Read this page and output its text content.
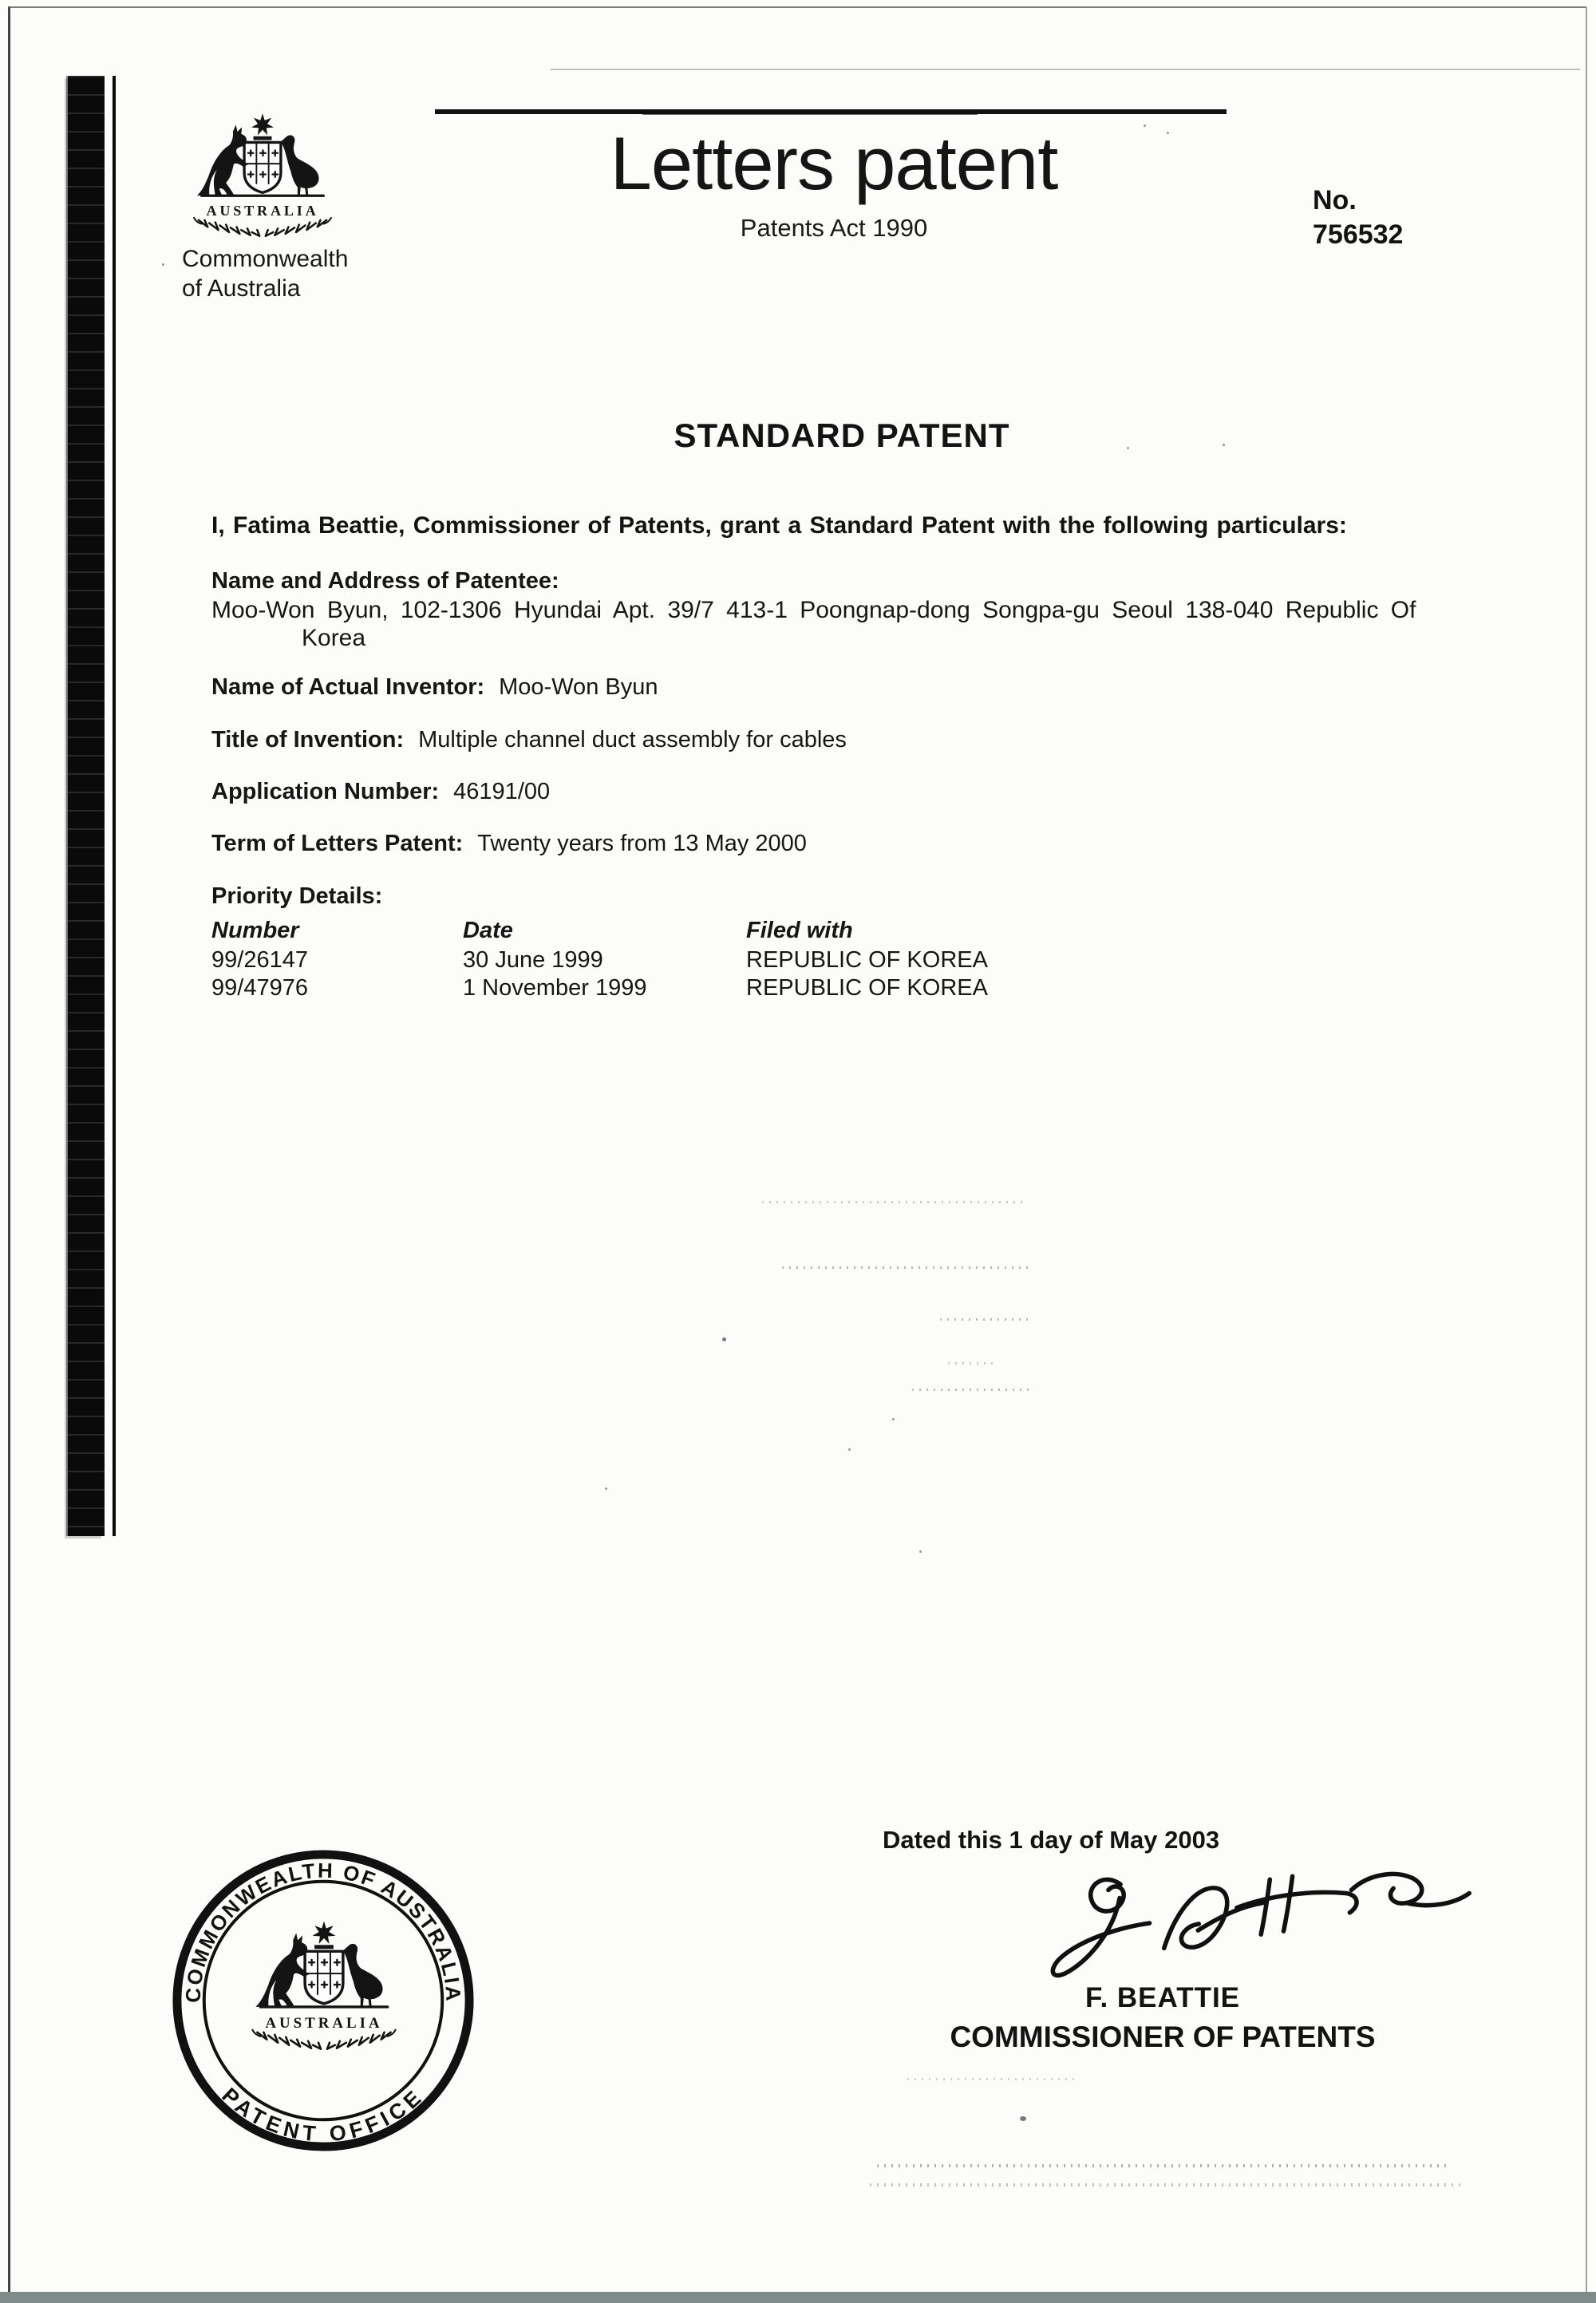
Commonwealth
of Australia
Letters patent
Patents Act 1990
No.
756532
STANDARD PATENT
I, Fatima Beattie, Commissioner of Patents, grant a Standard Patent with the following particulars:
Name and Address of Patentee:
Moo-Won Byun, 102-1306 Hyundai Apt. 39/7 413-1 Poongnap-dong Songpa-gu Seoul 138-040 Republic Of
Korea
Name of Actual Inventor: Moo-Won Byun
Title of Invention: Multiple channel duct assembly for cables
Application Number: 46191/00
Term of Letters Patent: Twenty years from 13 May 2000
Priority Details:
Number	Date	Filed with
99/26147	30 June 1999	REPUBLIC OF KOREA
99/47976	1 November 1999	REPUBLIC OF KOREA
Dated this 1 day of May 2003
F. BEATTIE
COMMISSIONER OF PATENTS
COMMONWEALTH OF AUSTRALIA
PATENT OFFICE
